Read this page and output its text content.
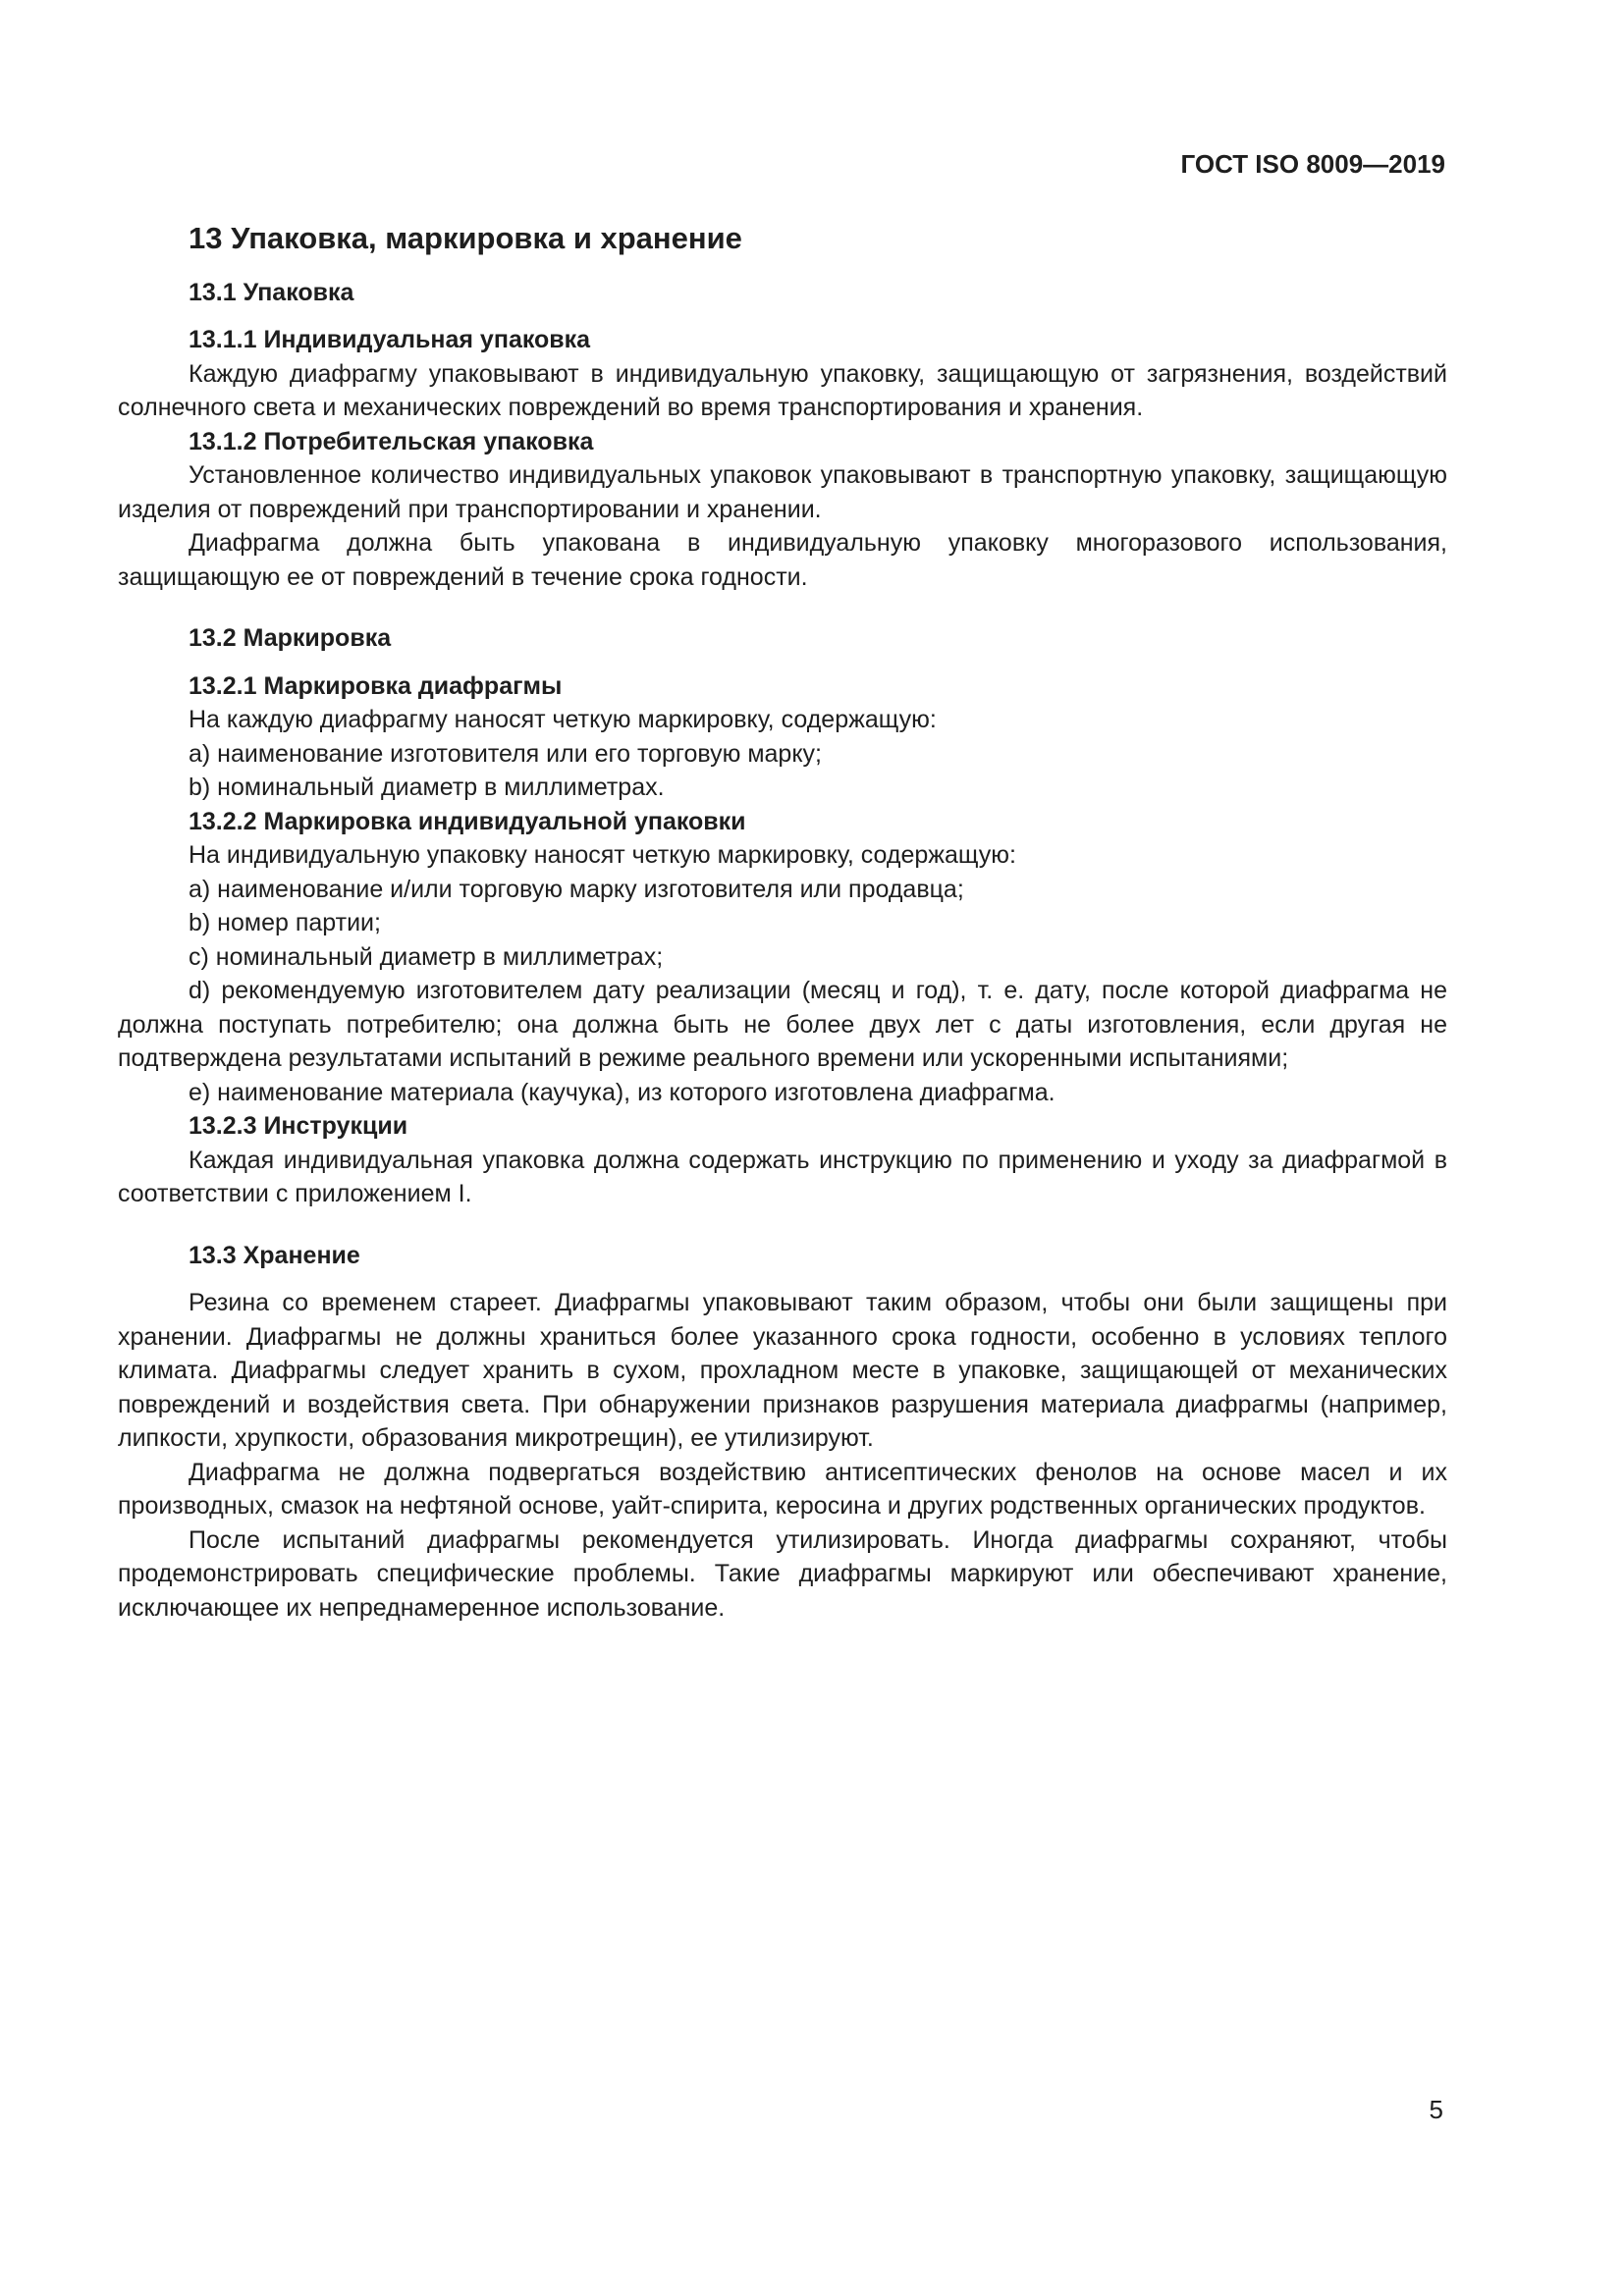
ГОСТ ISO 8009—2019
13 Упаковка, маркировка и хранение
13.1 Упаковка
13.1.1 Индивидуальная упаковка
Каждую диафрагму упаковывают в индивидуальную упаковку, защищающую от загрязнения, воздействий солнечного света и механических повреждений во время транспортирования и хранения.
13.1.2 Потребительская упаковка
Установленное количество индивидуальных упаковок упаковывают в транспортную упаковку, защищающую изделия от повреждений при транспортировании и хранении.
Диафрагма должна быть упакована в индивидуальную упаковку многоразового использования, защищающую ее от повреждений в течение срока годности.
13.2 Маркировка
13.2.1 Маркировка диафрагмы
На каждую диафрагму наносят четкую маркировку, содержащую:
a) наименование изготовителя или его торговую марку;
b) номинальный диаметр в миллиметрах.
13.2.2 Маркировка индивидуальной упаковки
На индивидуальную упаковку наносят четкую маркировку, содержащую:
a) наименование и/или торговую марку изготовителя или продавца;
b) номер партии;
c) номинальный диаметр в миллиметрах;
d) рекомендуемую изготовителем дату реализации (месяц и год), т. е. дату, после которой диафрагма не должна поступать потребителю; она должна быть не более двух лет с даты изготовления, если другая не подтверждена результатами испытаний в режиме реального времени или ускоренными испытаниями;
e) наименование материала (каучука), из которого изготовлена диафрагма.
13.2.3 Инструкции
Каждая индивидуальная упаковка должна содержать инструкцию по применению и уходу за диафрагмой в соответствии с приложением I.
13.3 Хранение
Резина со временем стареет. Диафрагмы упаковывают таким образом, чтобы они были защищены при хранении. Диафрагмы не должны храниться более указанного срока годности, особенно в условиях теплого климата. Диафрагмы следует хранить в сухом, прохладном месте в упаковке, защищающей от механических повреждений и воздействия света. При обнаружении признаков разрушения материала диафрагмы (например, липкости, хрупкости, образования микротрещин), ее утилизируют.
Диафрагма не должна подвергаться воздействию антисептических фенолов на основе масел и их производных, смазок на нефтяной основе, уайт-спирита, керосина и других родственных органических продуктов.
После испытаний диафрагмы рекомендуется утилизировать. Иногда диафрагмы сохраняют, чтобы продемонстрировать специфические проблемы. Такие диафрагмы маркируют или обеспечивают хранение, исключающее их непреднамеренное использование.
5
